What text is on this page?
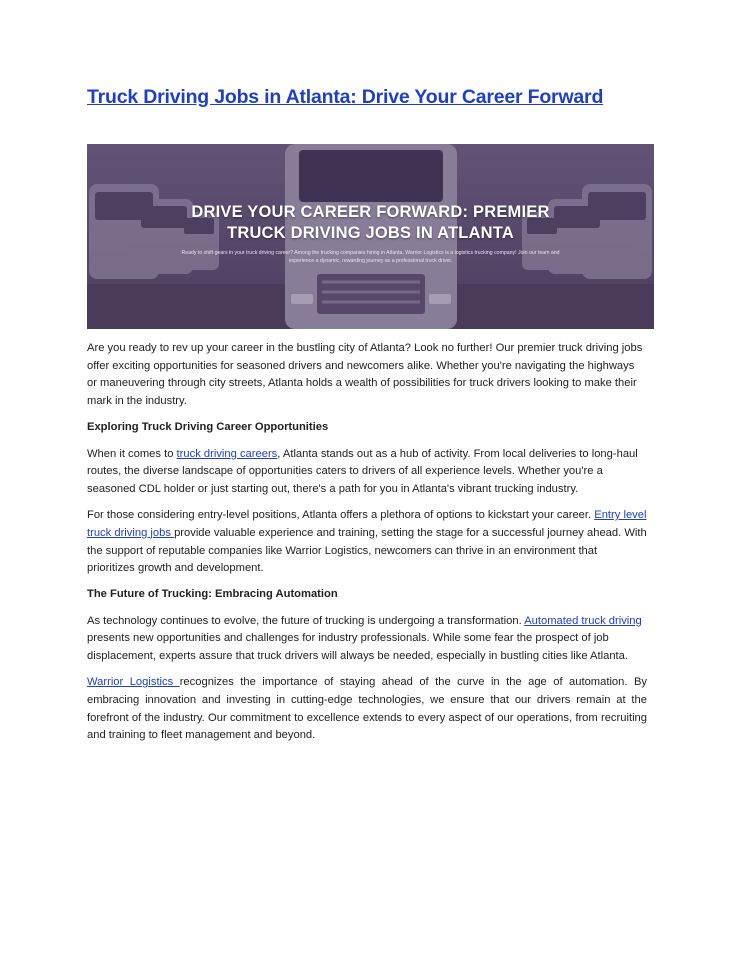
Truck Driving Jobs in Atlanta: Drive Your Career Forward

DRIVE YOUR CAREER FORWARD: PREMIER
TRUCK DRIVING JOBS IN ATLANTA

Ready to shift gears in your truck driving career? Among the trucking companies hiring in Atlanta, Warrior Logistics is a logistics trucking company! Join our team and experience a dynamic, rewarding journey as a professional truck driver.

Are you ready to rev up your career in the bustling city of Atlanta? Look no further! Our premier truck driving jobs offer exciting opportunities for seasoned drivers and newcomers alike. Whether you're navigating the highways or maneuvering through city streets, Atlanta holds a wealth of possibilities for truck drivers looking to make their mark in the industry.

Exploring Truck Driving Career Opportunities

When it comes to truck driving careers, Atlanta stands out as a hub of activity. From local deliveries to long-haul routes, the diverse landscape of opportunities caters to drivers of all experience levels. Whether you're a seasoned CDL holder or just starting out, there's a path for you in Atlanta's vibrant trucking industry.

For those considering entry-level positions, Atlanta offers a plethora of options to kickstart your career. Entry level truck driving jobs provide valuable experience and training, setting the stage for a successful journey ahead. With the support of reputable companies like Warrior Logistics, newcomers can thrive in an environment that prioritizes growth and development.

The Future of Trucking: Embracing Automation

As technology continues to evolve, the future of trucking is undergoing a transformation. Automated truck driving presents new opportunities and challenges for industry professionals. While some fear the prospect of job displacement, experts assure that truck drivers will always be needed, especially in bustling cities like Atlanta.

Warrior Logistics recognizes the importance of staying ahead of the curve in the age of automation. By embracing innovation and investing in cutting-edge technologies, we ensure that our drivers remain at the forefront of the industry. Our commitment to excellence extends to every aspect of our operations, from recruiting and training to fleet management and beyond.
